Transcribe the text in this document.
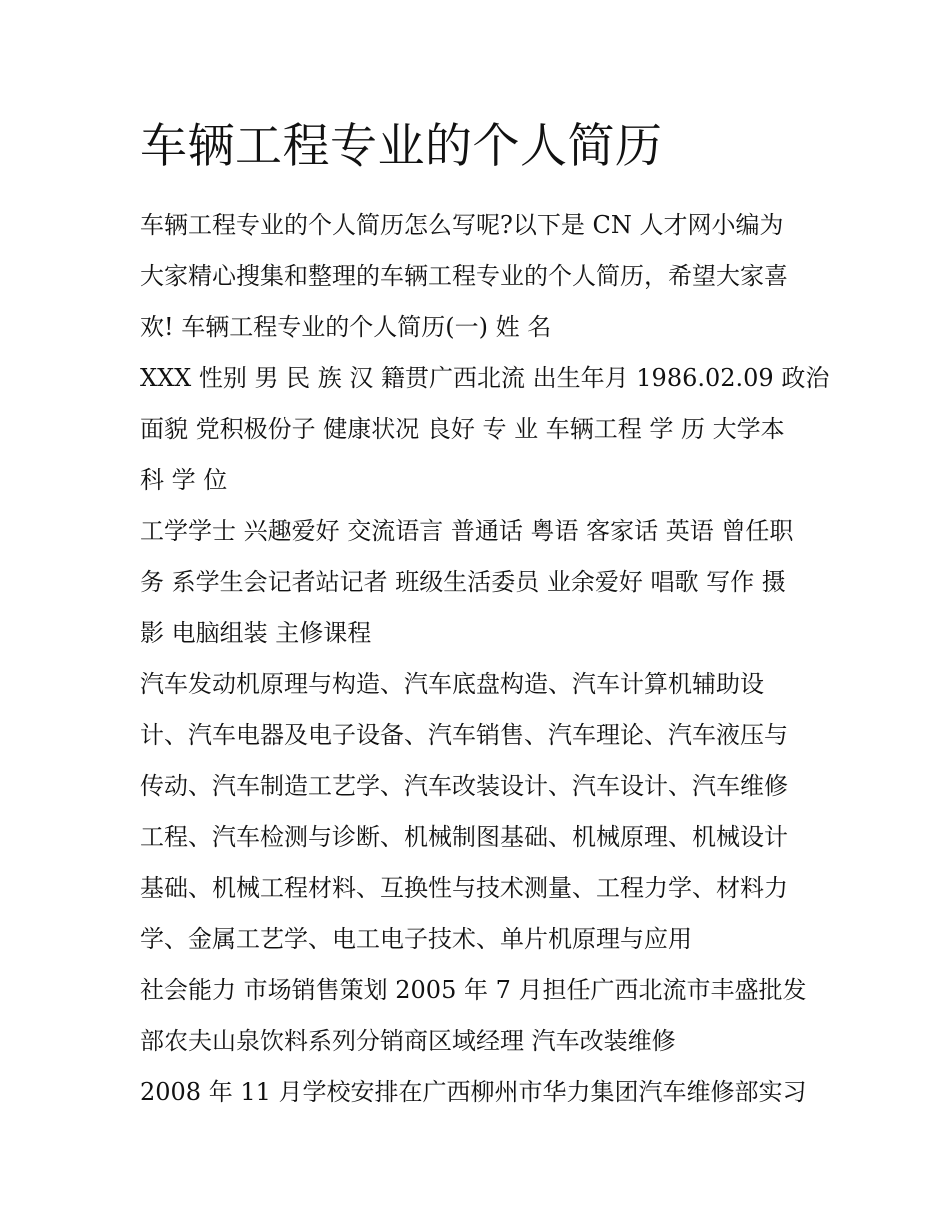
车辆工程专业的个人简历
车辆工程专业的个人简历怎么写呢?以下是 CN 人才网小编为
大家精心搜集和整理的车辆工程专业的个人简历，希望大家喜
欢! 车辆工程专业的个人简历(一) 姓 名
XXX 性别 男 民 族 汉 籍贯广西北流 出生年月 1986.02.09 政治
面貌 党积极份子 健康状况 良好 专 业 车辆工程 学 历 大学本
科 学 位
工学学士 兴趣爱好 交流语言 普通话 粤语 客家话 英语 曾任职
务 系学生会记者站记者 班级生活委员 业余爱好 唱歌 写作 摄
影 电脑组装 主修课程
汽车发动机原理与构造、汽车底盘构造、汽车计算机辅助设
计、汽车电器及电子设备、汽车销售、汽车理论、汽车液压与
传动、汽车制造工艺学、汽车改装设计、汽车设计、汽车维修
工程、汽车检测与诊断、机械制图基础、机械原理、机械设计
基础、机械工程材料、互换性与技术测量、工程力学、材料力
学、金属工艺学、电工电子技术、单片机原理与应用
社会能力 市场销售策划 2005 年 7 月担任广西北流市丰盛批发
部农夫山泉饮料系列分销商区域经理 汽车改装维修
2008 年 11 月学校安排在广西柳州市华力集团汽车维修部实习
